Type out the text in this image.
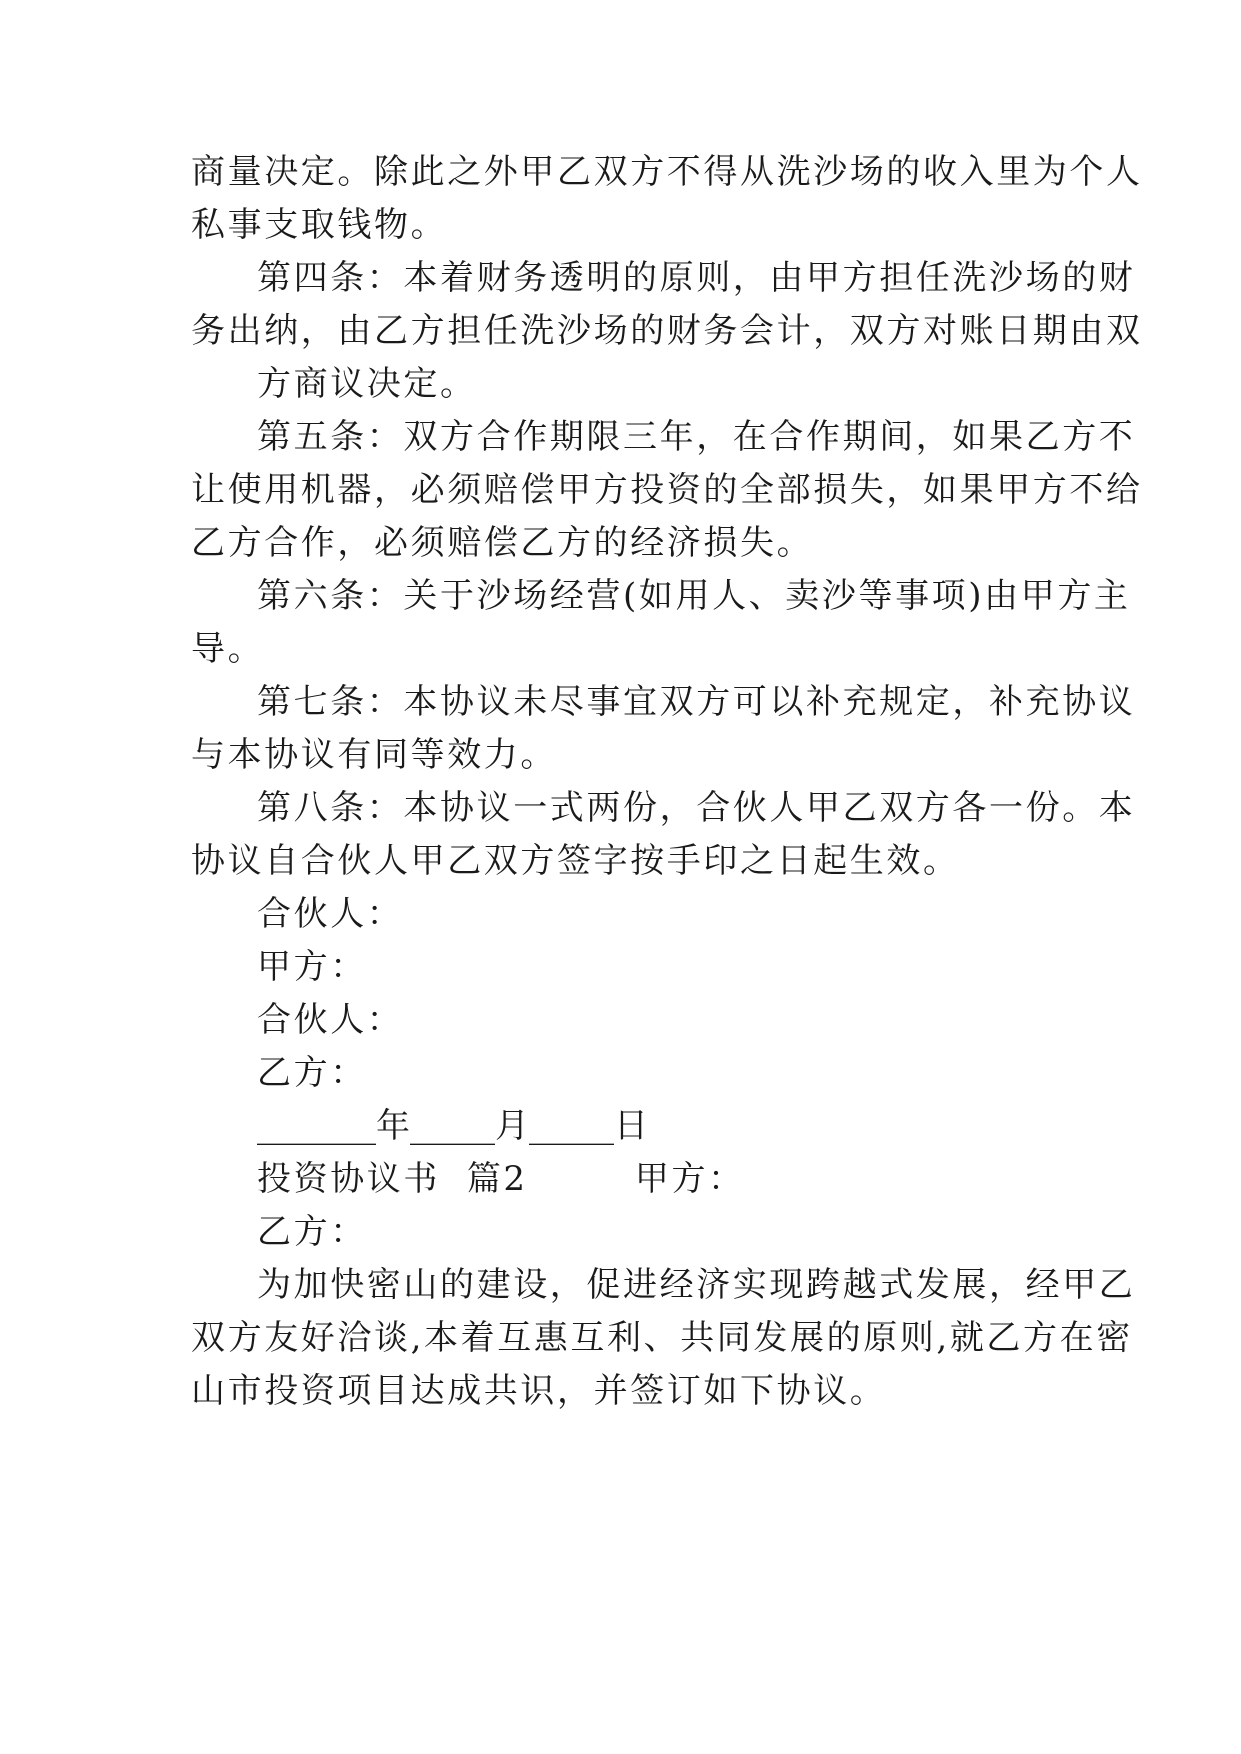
商量决定。除此之外甲乙双方不得从洗沙场的收入里为个人
私事支取钱物。
第四条：本着财务透明的原则，由甲方担任洗沙场的财
务出纳，由乙方担任洗沙场的财务会计，双方对账日期由双
方商议决定。
第五条：双方合作期限三年，在合作期间，如果乙方不
让使用机器，必须赔偿甲方投资的全部损失，如果甲方不给
乙方合作，必须赔偿乙方的经济损失。
第六条：关于沙场经营(如用人、卖沙等事项)由甲方主
导。
第七条：本协议未尽事宜双方可以补充规定，补充协议
与本协议有同等效力。
第八条：本协议一式两份，合伙人甲乙双方各一份。本
协议自合伙人甲乙双方签字按手印之日起生效。
合伙人：
甲方：
合伙人：
乙方：
_______年_____月_____日
投资协议书  篇2        甲方：
乙方：
为加快密山的建设，促进经济实现跨越式发展，经甲乙
双方友好洽谈,本着互惠互利、共同发展的原则,就乙方在密
山市投资项目达成共识，并签订如下协议。
